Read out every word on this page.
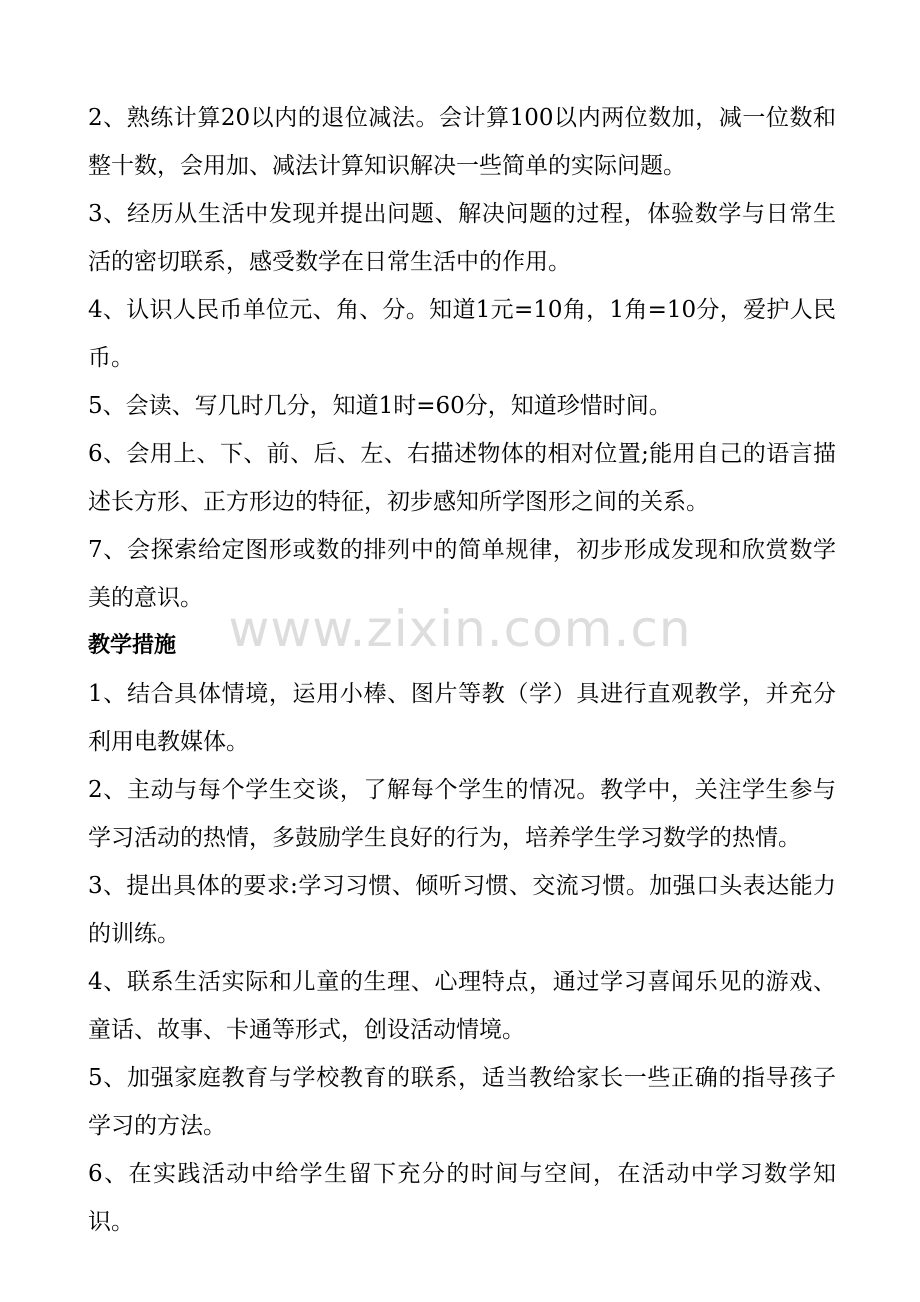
2、熟练计算20以内的退位减法。会计算100以内两位数加，减一位数和整十数，会用加、减法计算知识解决一些简单的实际问题。

3、经历从生活中发现并提出问题、解决问题的过程，体验数学与日常生活的密切联系，感受数学在日常生活中的作用。

4、认识人民币单位元、角、分。知道1元=10角，1角=10分，爱护人民币。

5、会读、写几时几分，知道1时=60分，知道珍惜时间。

6、会用上、下、前、后、左、右描述物体的相对位置;能用自己的语言描述长方形、正方形边的特征，初步感知所学图形之间的关系。

7、会探索给定图形或数的排列中的简单规律，初步形成发现和欣赏数学美的意识。

教学措施

1、结合具体情境，运用小棒、图片等教（学）具进行直观教学，并充分利用电教媒体。

2、主动与每个学生交谈，了解每个学生的情况。教学中，关注学生参与学习活动的热情，多鼓励学生良好的行为，培养学生学习数学的热情。

3、提出具体的要求:学习习惯、倾听习惯、交流习惯。加强口头表达能力的训练。

4、联系生活实际和儿童的生理、心理特点，通过学习喜闻乐见的游戏、童话、故事、卡通等形式，创设活动情境。

5、加强家庭教育与学校教育的联系，适当教给家长一些正确的指导孩子学习的方法。

6、在实践活动中给学生留下充分的时间与空间，在活动中学习数学知识。

www.zixin.com.cn
